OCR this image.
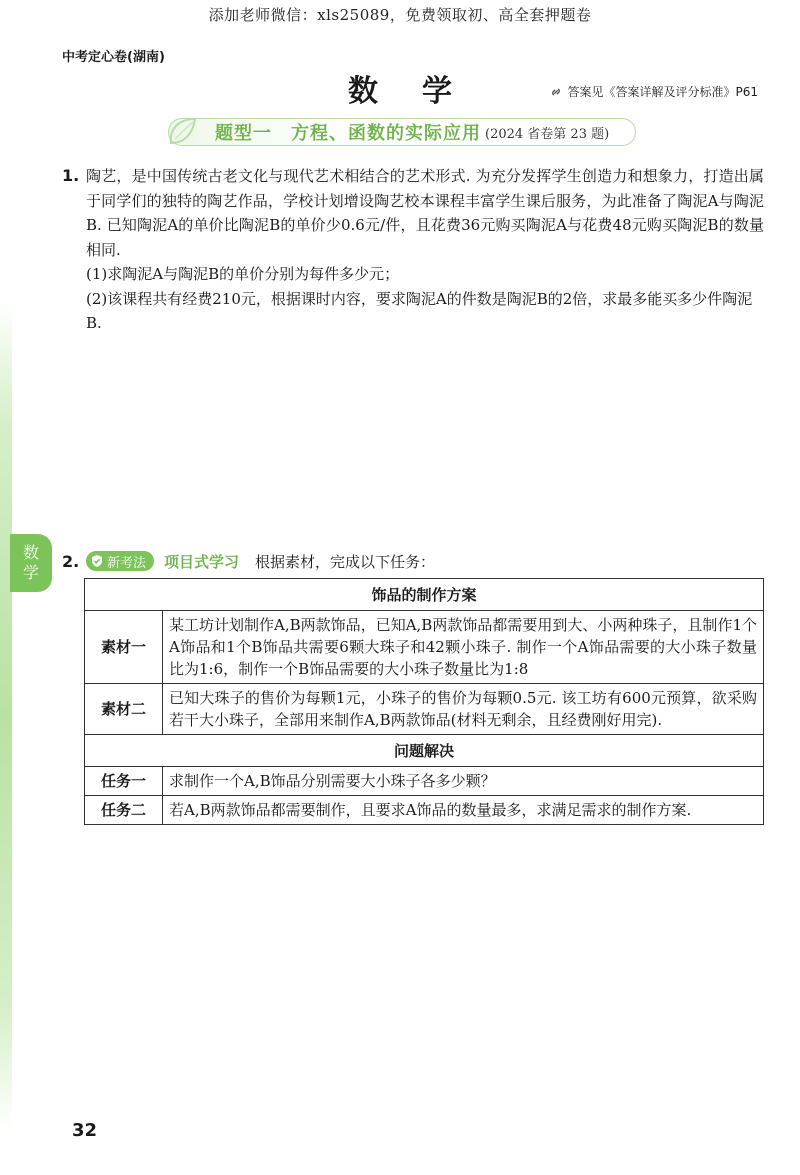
添加老师微信：xls25089，免费领取初、高全套押题卷
中考定心卷(湖南)
数学	答案见《答案详解及评分标准》P61
题型一　方程、函数的实际应用 (2024 省卷第 23 题)
数
学
1. 陶艺，是中国传统古老文化与现代艺术相结合的艺术形式. 为充分发挥学生创造力和想象力，打造出属于同学们的独特的陶艺作品，学校计划增设陶艺校本课程丰富学生课后服务，为此准备了陶泥A与陶泥B. 已知陶泥A的单价比陶泥B的单价少0.6元/件，且花费36元购买陶泥A与花费48元购买陶泥B的数量相同.

(1)求陶泥A与陶泥B的单价分别为每件多少元；

(2)该课程共有经费210元，根据课时内容，要求陶泥A的件数是陶泥B的2倍，求最多能买多少件陶泥B.

2.	新考法 项目式学习 根据素材，完成以下任务：
饰品的制作方案	
素材一	某工坊计划制作A,B两款饰品，已知A,B两款饰品都需要用到大、小两种珠子，且制作1个A饰品和1个B饰品共需要6颗大珠子和42颗小珠子. 制作一个A饰品需要的大小珠子数量比为1:6，制作一个B饰品需要的大小珠子数量比为1:8
素材二	已知大珠子的售价为每颗1元，小珠子的售价为每颗0.5元. 该工坊有600元预算，欲采购若干大小珠子，全部用来制作A,B两款饰品(材料无剩余，且经费刚好用完).
问题解决	
任务一	求制作一个A,B饰品分别需要大小珠子各多少颗？
任务二	若A,B两款饰品都需要制作，且要求A饰品的数量最多，求满足需求的制作方案.
32
